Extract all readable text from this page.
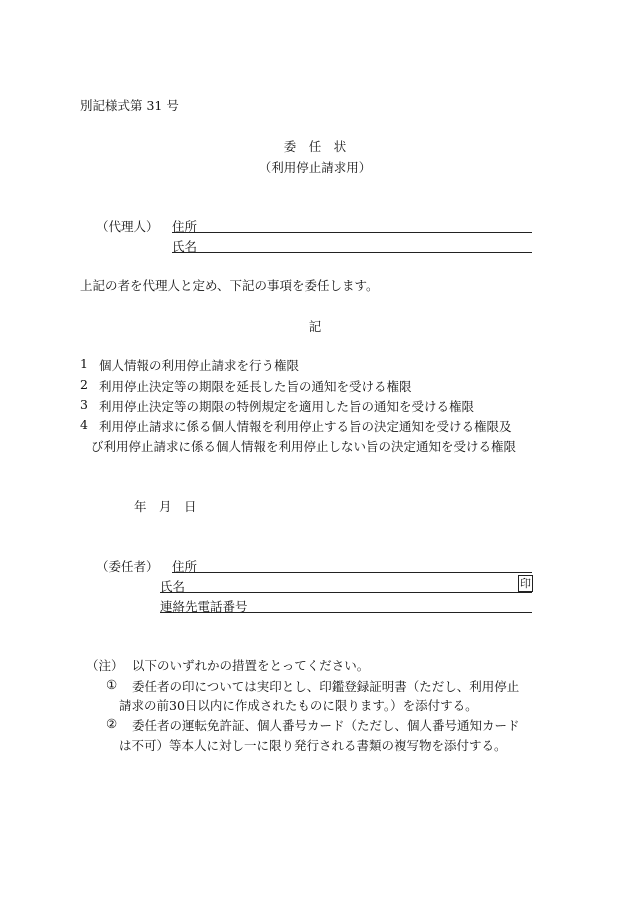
別記様式第 31 号
委　任　状
（利用停止請求用）
（代理人） 住所
氏名
上記の者を代理人と定め、下記の事項を委任します。
記
1 個人情報の利用停止請求を行う権限
2 利用停止決定等の期限を延長した旨の通知を受ける権限
3 利用停止決定等の期限の特例規定を適用した旨の通知を受ける権限
4 利用停止請求に係る個人情報を利用停止する旨の決定通知を受ける権限及
び利用停止請求に係る個人情報を利用停止しない旨の決定通知を受ける権限
年　月　日
（委任者） 住所
氏名	印
連絡先電話番号
（注） 以下のいずれかの措置をとってください。
① 委任者の印については実印とし、印鑑登録証明書（ただし、利用停止
請求の前30日以内に作成されたものに限ります。）を添付する。
② 委任者の運転免許証、個人番号カード（ただし、個人番号通知カード
は不可）等本人に対し一に限り発行される書類の複写物を添付する。
